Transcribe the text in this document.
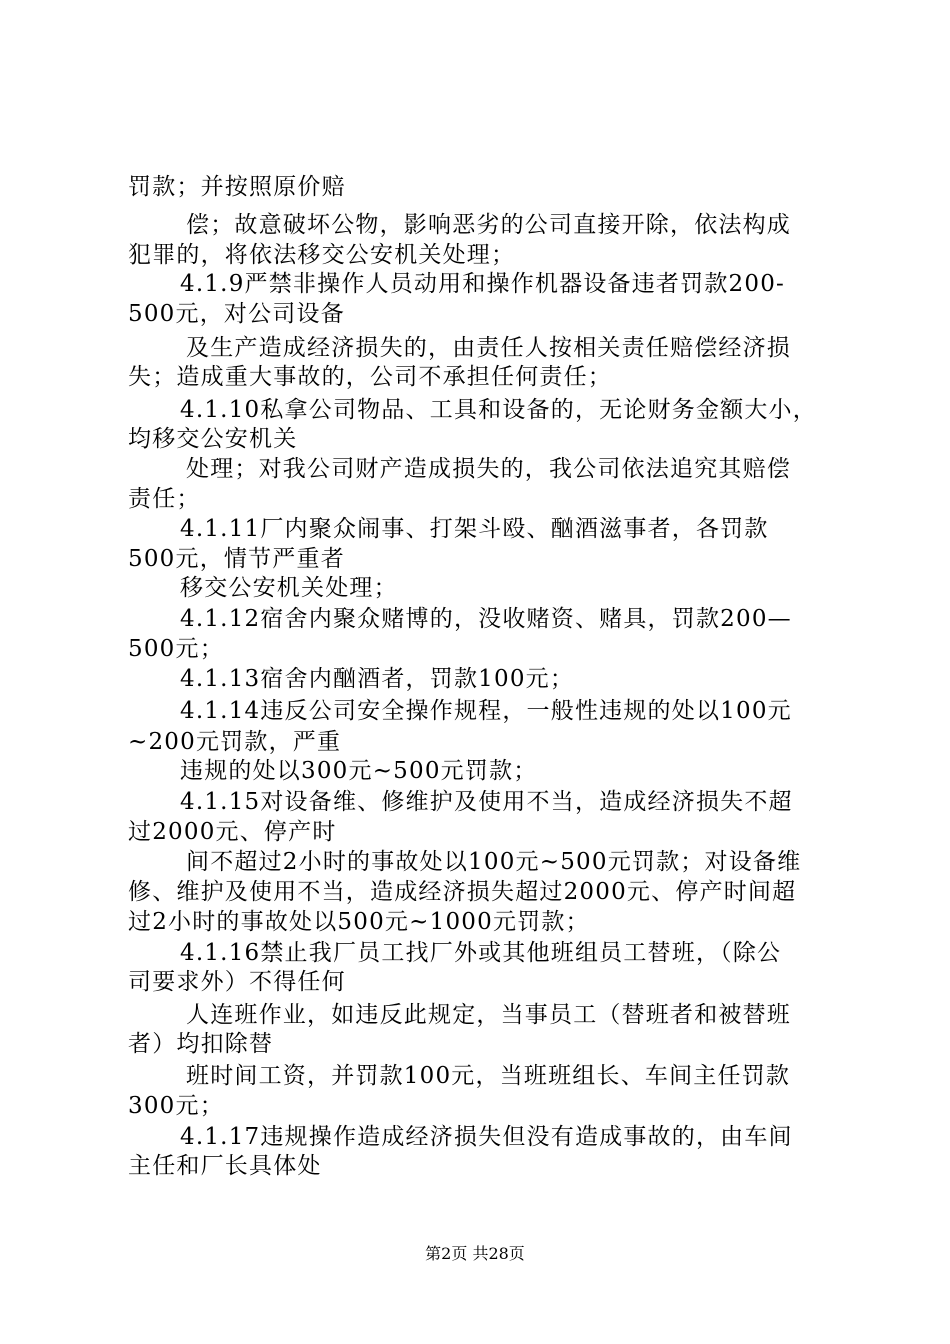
罚款；并按照原价赔
偿；故意破坏公物，影响恶劣的公司直接开除，依法构成
犯罪的，将依法移交公安机关处理；
4.1.9严禁非操作人员动用和操作机器设备违者罚款200-
500元，对公司设备
及生产造成经济损失的，由责任人按相关责任赔偿经济损
失；造成重大事故的，公司不承担任何责任；
4.1.10私拿公司物品、工具和设备的，无论财务金额大小，
均移交公安机关
处理；对我公司财产造成损失的，我公司依法追究其赔偿
责任；
4.1.11厂内聚众闹事、打架斗殴、酗酒滋事者，各罚款
500元，情节严重者
移交公安机关处理；
4.1.12宿舍内聚众赌博的，没收赌资、赌具，罚款200—
500元；
4.1.13宿舍内酗酒者，罚款100元；
4.1.14违反公司安全操作规程，一般性违规的处以100元
~200元罚款，严重
违规的处以300元~500元罚款；
4.1.15对设备维、修维护及使用不当，造成经济损失不超
过2000元、停产时
间不超过2小时的事故处以100元~500元罚款；对设备维
修、维护及使用不当，造成经济损失超过2000元、停产时间超
过2小时的事故处以500元~1000元罚款；
4.1.16禁止我厂员工找厂外或其他班组员工替班，（除公
司要求外）不得任何
人连班作业，如违反此规定，当事员工（替班者和被替班
者）均扣除替
班时间工资，并罚款100元，当班班组长、车间主任罚款
300元；
4.1.17违规操作造成经济损失但没有造成事故的，由车间
主任和厂长具体处
第2页 共28页
